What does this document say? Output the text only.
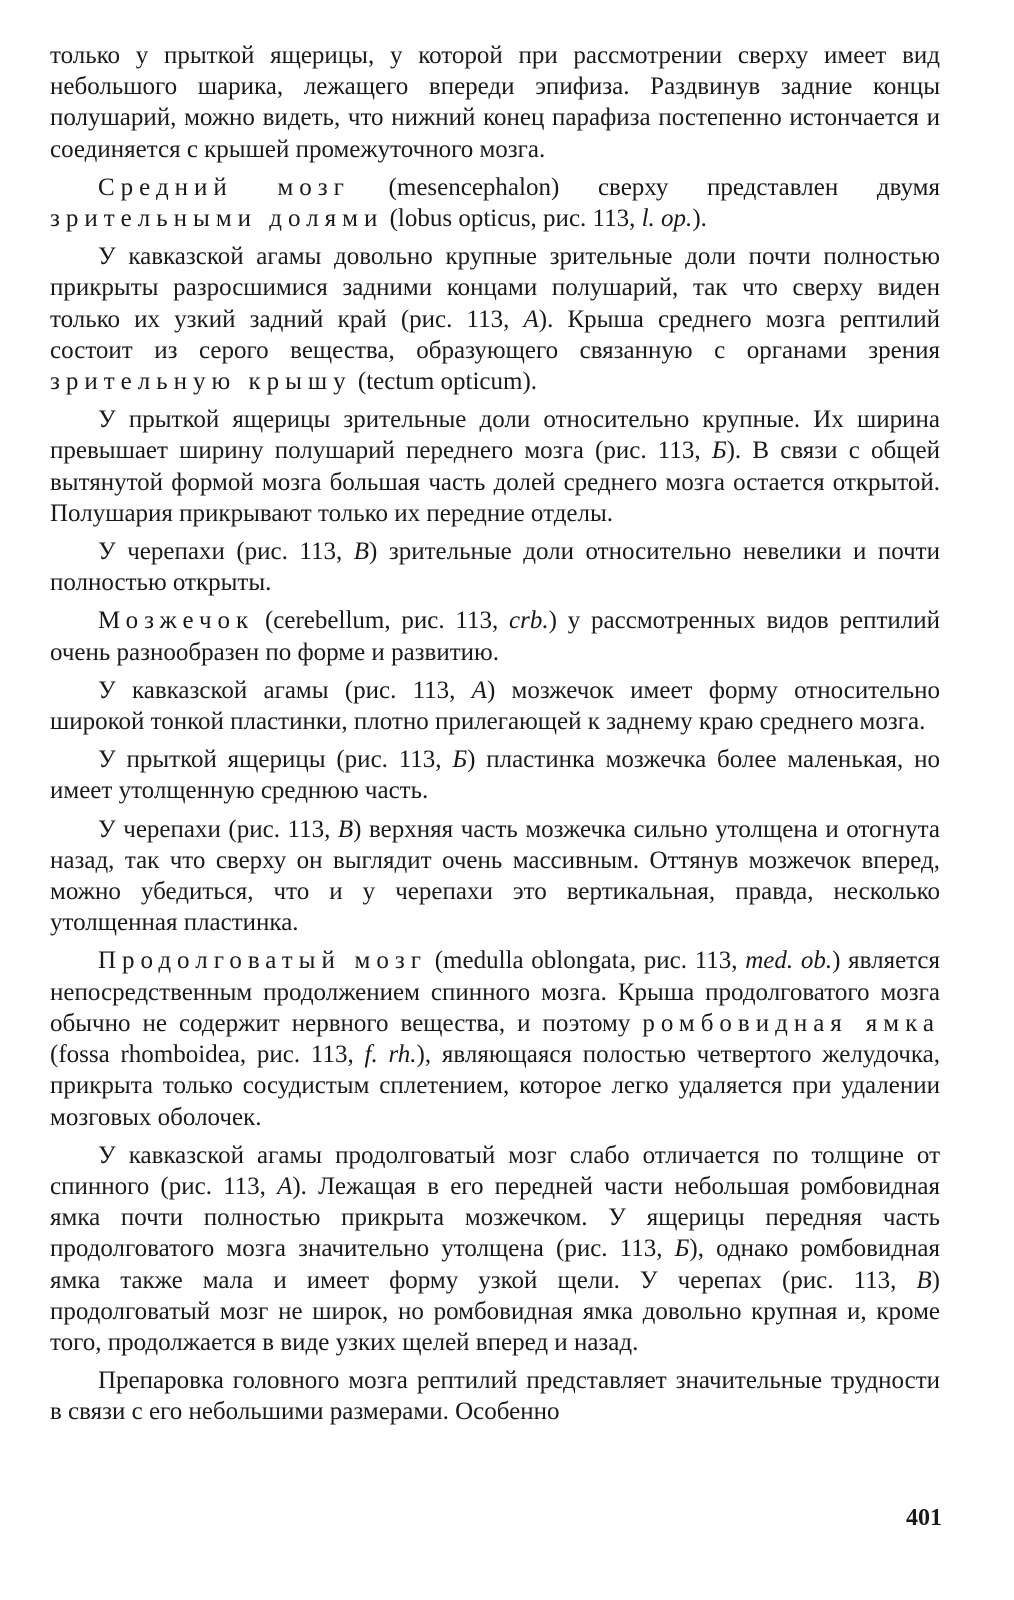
только у прыткой ящерицы, у которой при рассмотрении сверху имеет вид небольшого шарика, лежащего впереди эпифиза. Раздвинув задние концы полушарий, можно видеть, что нижний конец парафиза постепенно истончается и соединяется с крышей промежуточного мозга.

Средний мозг (mesencephalon) сверху представлен двумя зрительными долями (lobus opticus, рис. 113, l. op.).

У кавказской агамы довольно крупные зрительные доли почти полностью прикрыты разросшимися задними концами полушарий, так что сверху виден только их узкий задний край (рис. 113, А). Крыша среднего мозга рептилий состоит из серого вещества, образующего связанную с органами зрения зрительную крышу (tectum opticum).

У прыткой ящерицы зрительные доли относительно крупные. Их ширина превышает ширину полушарий переднего мозга (рис. 113, Б). В связи с общей вытянутой формой мозга большая часть долей среднего мозга остается открытой. Полушария прикрывают только их передние отделы.

У черепахи (рис. 113, В) зрительные доли относительно невелики и почти полностью открыты.

Мозжечок (cerebellum, рис. 113, crb.) у рассмотренных видов рептилий очень разнообразен по форме и развитию.

У кавказской агамы (рис. 113, А) мозжечок имеет форму относительно широкой тонкой пластинки, плотно прилегающей к заднему краю среднего мозга.

У прыткой ящерицы (рис. 113, Б) пластинка мозжечка более маленькая, но имеет утолщенную среднюю часть.

У черепахи (рис. 113, В) верхняя часть мозжечка сильно утолщена и отогнута назад, так что сверху он выглядит очень массивным. Оттянув мозжечок вперед, можно убедиться, что и у черепахи это вертикальная, правда, несколько утолщенная пластинка.

Продолговатый мозг (medulla oblongata, рис. 113, med. ob.) является непосредственным продолжением спинного мозга. Крыша продолговатого мозга обычно не содержит нервного вещества, и поэтому ромбовидная ямка (fossa rhomboidea, рис. 113, f. rh.), являющаяся полостью четвертого желудочка, прикрыта только сосудистым сплетением, которое легко удаляется при удалении мозговых оболочек.

У кавказской агамы продолговатый мозг слабо отличается по толщине от спинного (рис. 113, А). Лежащая в его передней части небольшая ромбовидная ямка почти полностью прикрыта мозжечком. У ящерицы передняя часть продолговатого мозга значительно утолщена (рис. 113, Б), однако ромбовидная ямка также мала и имеет форму узкой щели. У черепах (рис. 113, В) продолговатый мозг не широк, но ромбовидная ямка довольно крупная и, кроме того, продолжается в виде узких щелей вперед и назад.

Препаровка головного мозга рептилий представляет значительные трудности в связи с его небольшими размерами. Особенно

401
